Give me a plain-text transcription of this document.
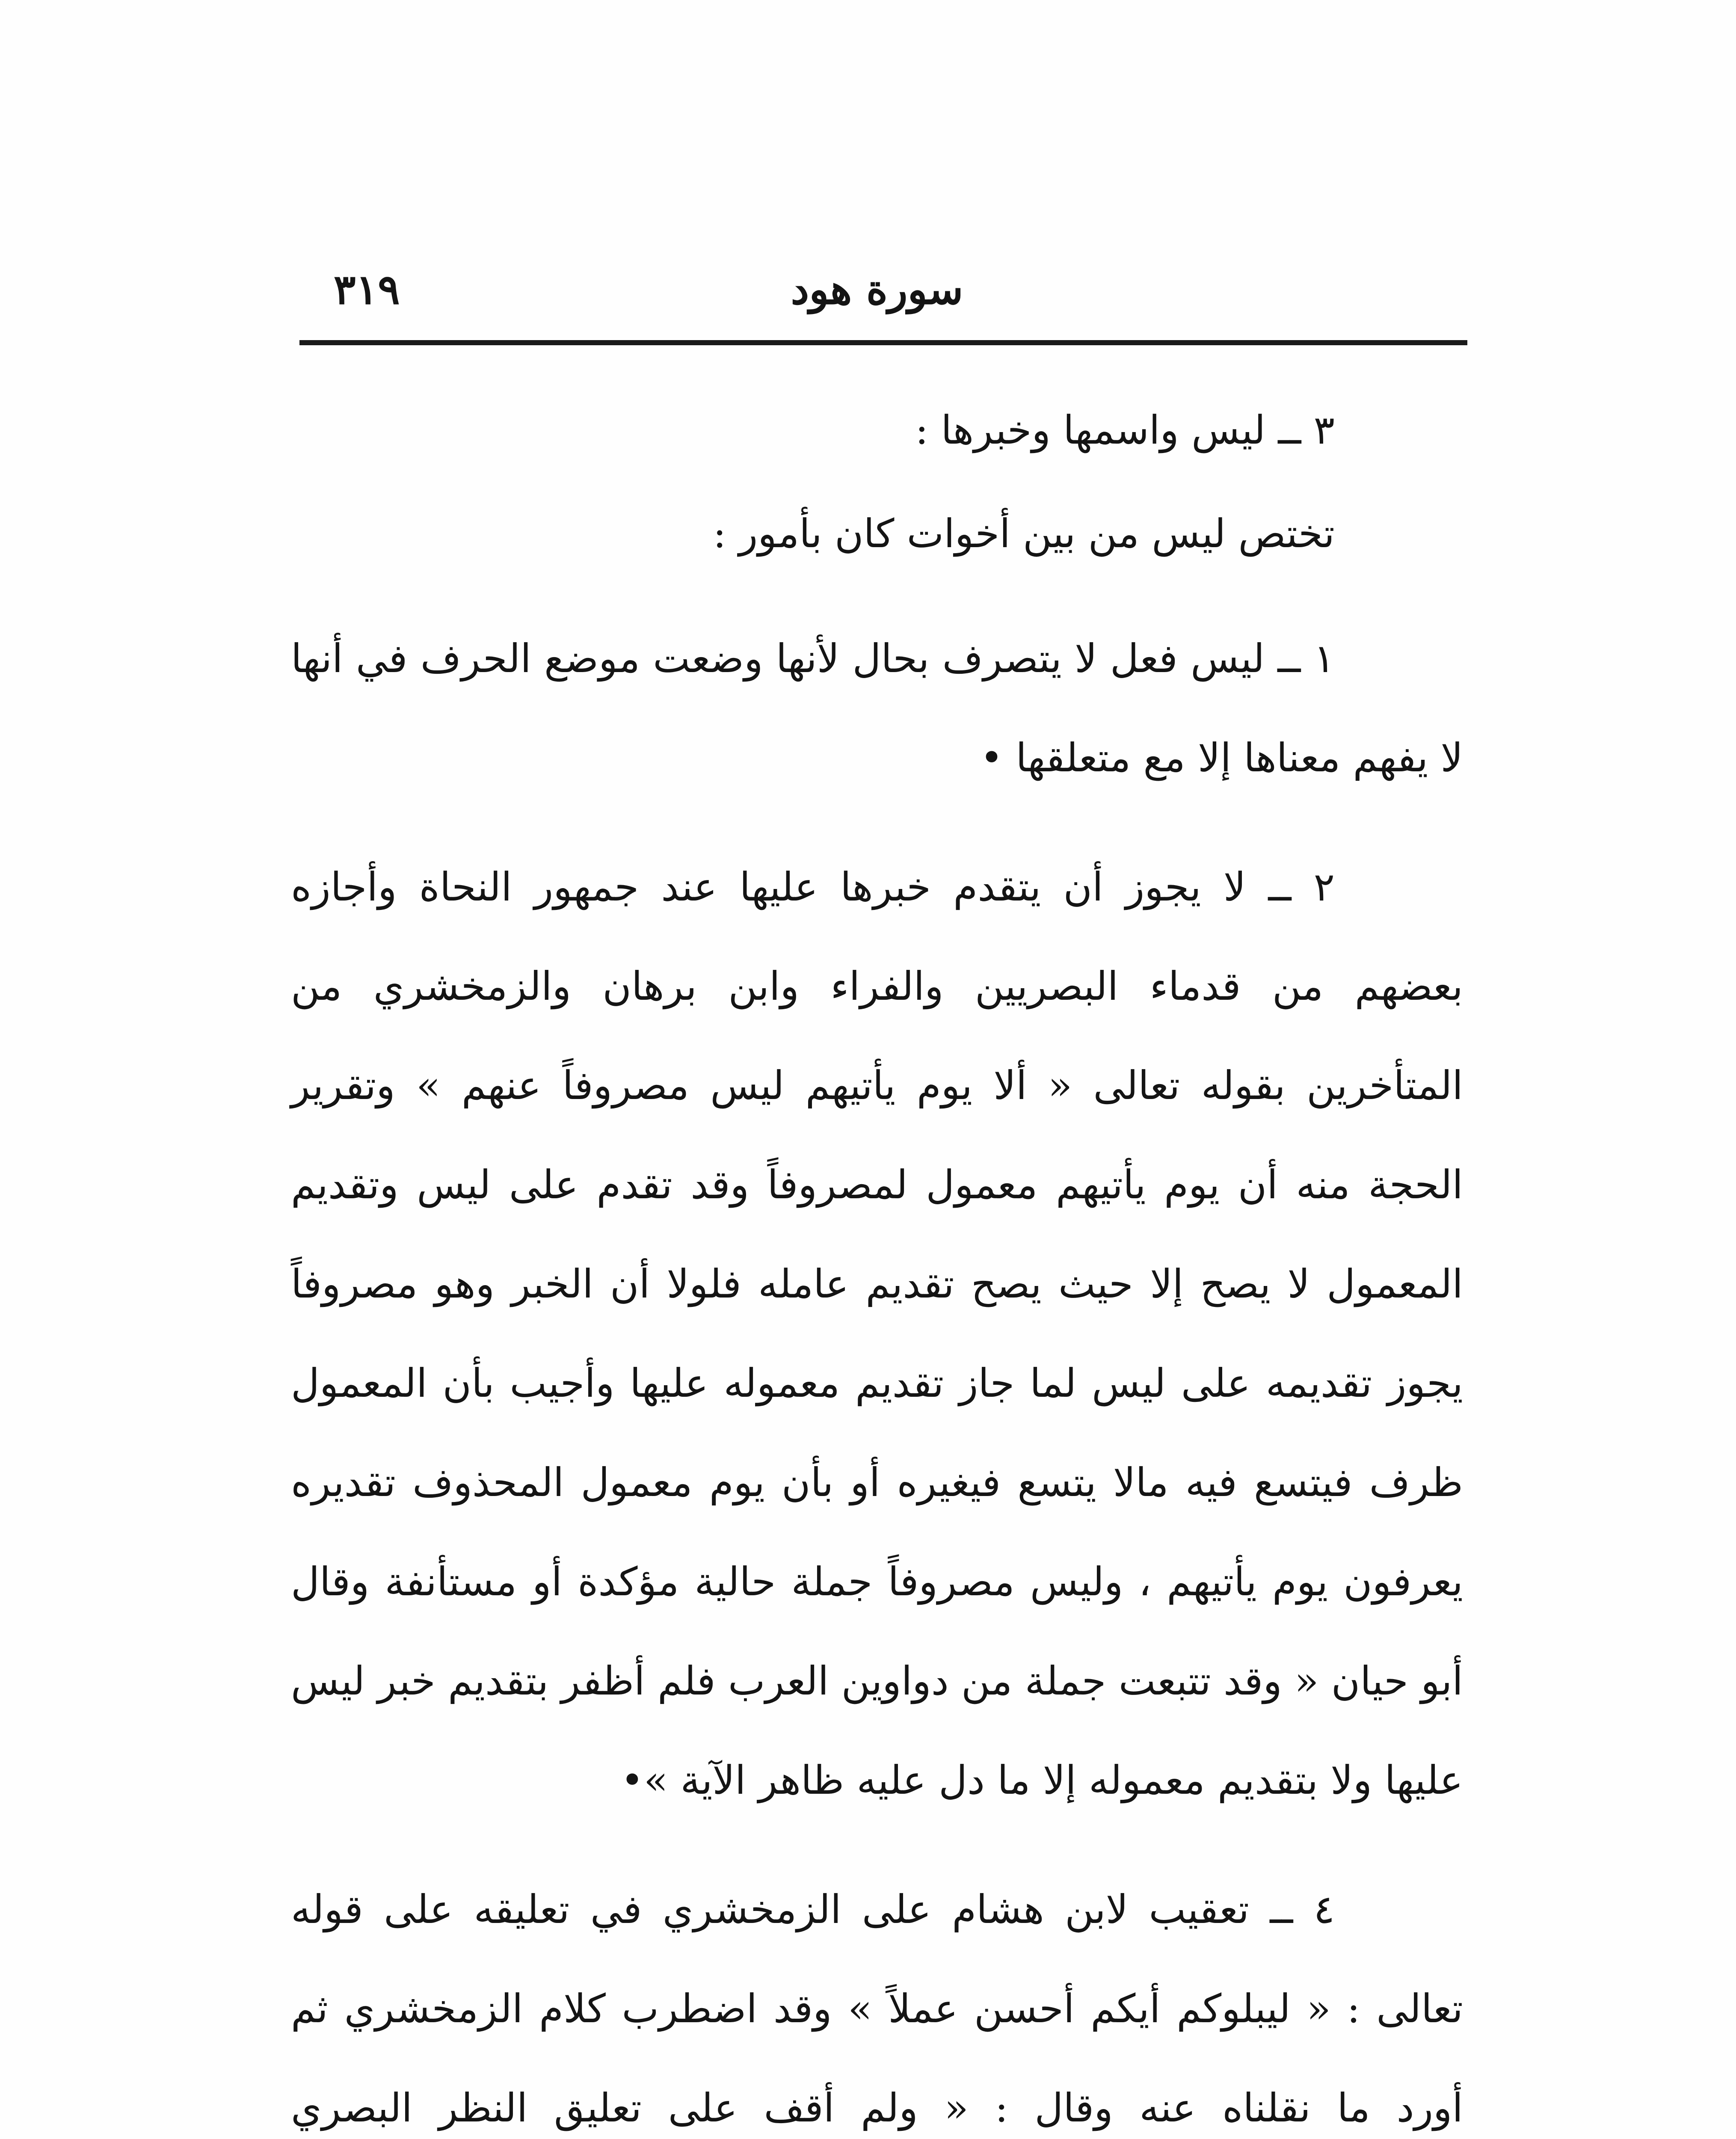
سورة هود
٣١٩

٣ ــ ليس واسمها وخبرها :

تختص ليس من بين أخوات كان بأمور :

١ ــ ليس فعل لا يتصرف بحال لأنها وضعت موضع الحرف في أنها لا يفهم معناها إلا مع متعلقها •

٢ ــ لا يجوز أن يتقدم خبرها عليها عند جمهور النحاة وأجازه بعضهم من قدماء البصريين والفراء وابن برهان والزمخشري من المتأخرين بقوله تعالى « ألا يوم يأتيهم ليس مصروفاً عنهم » وتقرير الحجة منه أن يوم يأتيهم معمول لمصروفاً وقد تقدم على ليس وتقديم المعمول لا يصح إلا حيث يصح تقديم عامله فلولا أن الخبر وهو مصروفاً يجوز تقديمه على ليس لما جاز تقديم معموله عليها وأجيب بأن المعمول ظرف فيتسع فيه مالا يتسع فيغيره أو بأن يوم معمول المحذوف تقديره يعرفون يوم يأتيهم ، وليس مصروفاً جملة حالية مؤكدة أو مستأنفة وقال أبو حيان « وقد تتبعت جملة من دواوين العرب فلم أظفر بتقديم خبر ليس عليها ولا بتقديم معموله إلا ما دل عليه ظاهر الآية »•

٤ ــ تعقيب لابن هشام على الزمخشري في تعليقه على قوله تعالى : « ليبلوكم أيكم أحسن عملاً » وقد اضطرب كلام الزمخشري ثم أورد ما نقلناه عنه وقال : « ولم أقف على تعليق النظر البصري
